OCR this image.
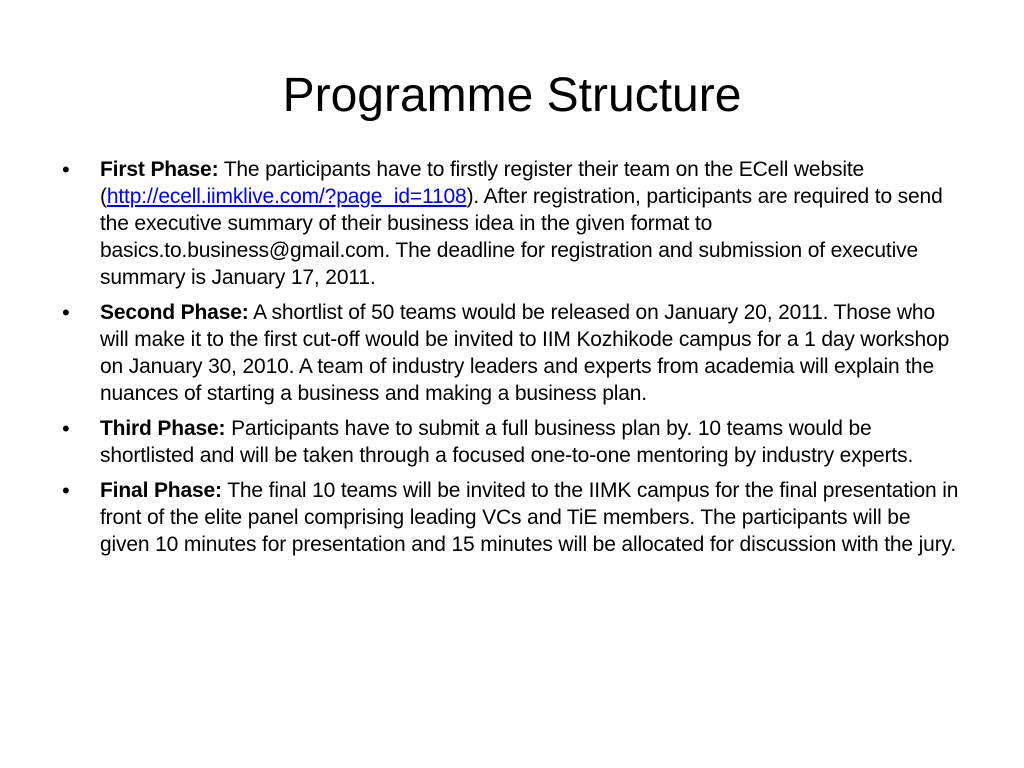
Programme Structure
•	First Phase: The participants have to firstly register their team on the ECell website (http://ecell.iimklive.com/?page_id=1108). After registration, participants are required to send the executive summary of their business idea in the given format to basics.to.business@gmail.com. The deadline for registration and submission of executive summary is January 17, 2011.
•	Second Phase: A shortlist of 50 teams would be released on January 20, 2011. Those who will make it to the first cut-off would be invited to IIM Kozhikode campus for a 1 day workshop on January 30, 2010. A team of industry leaders and experts from academia will explain the nuances of starting a business and making a business plan.
•	Third Phase: Participants have to submit a full business plan by. 10 teams would be shortlisted and will be taken through a focused one-to-one mentoring by industry experts.
•	Final Phase: The final 10 teams will be invited to the IIMK campus for the final presentation in front of the elite panel comprising leading VCs and TiE members. The participants will be given 10 minutes for presentation and 15 minutes will be allocated for discussion with the jury.
